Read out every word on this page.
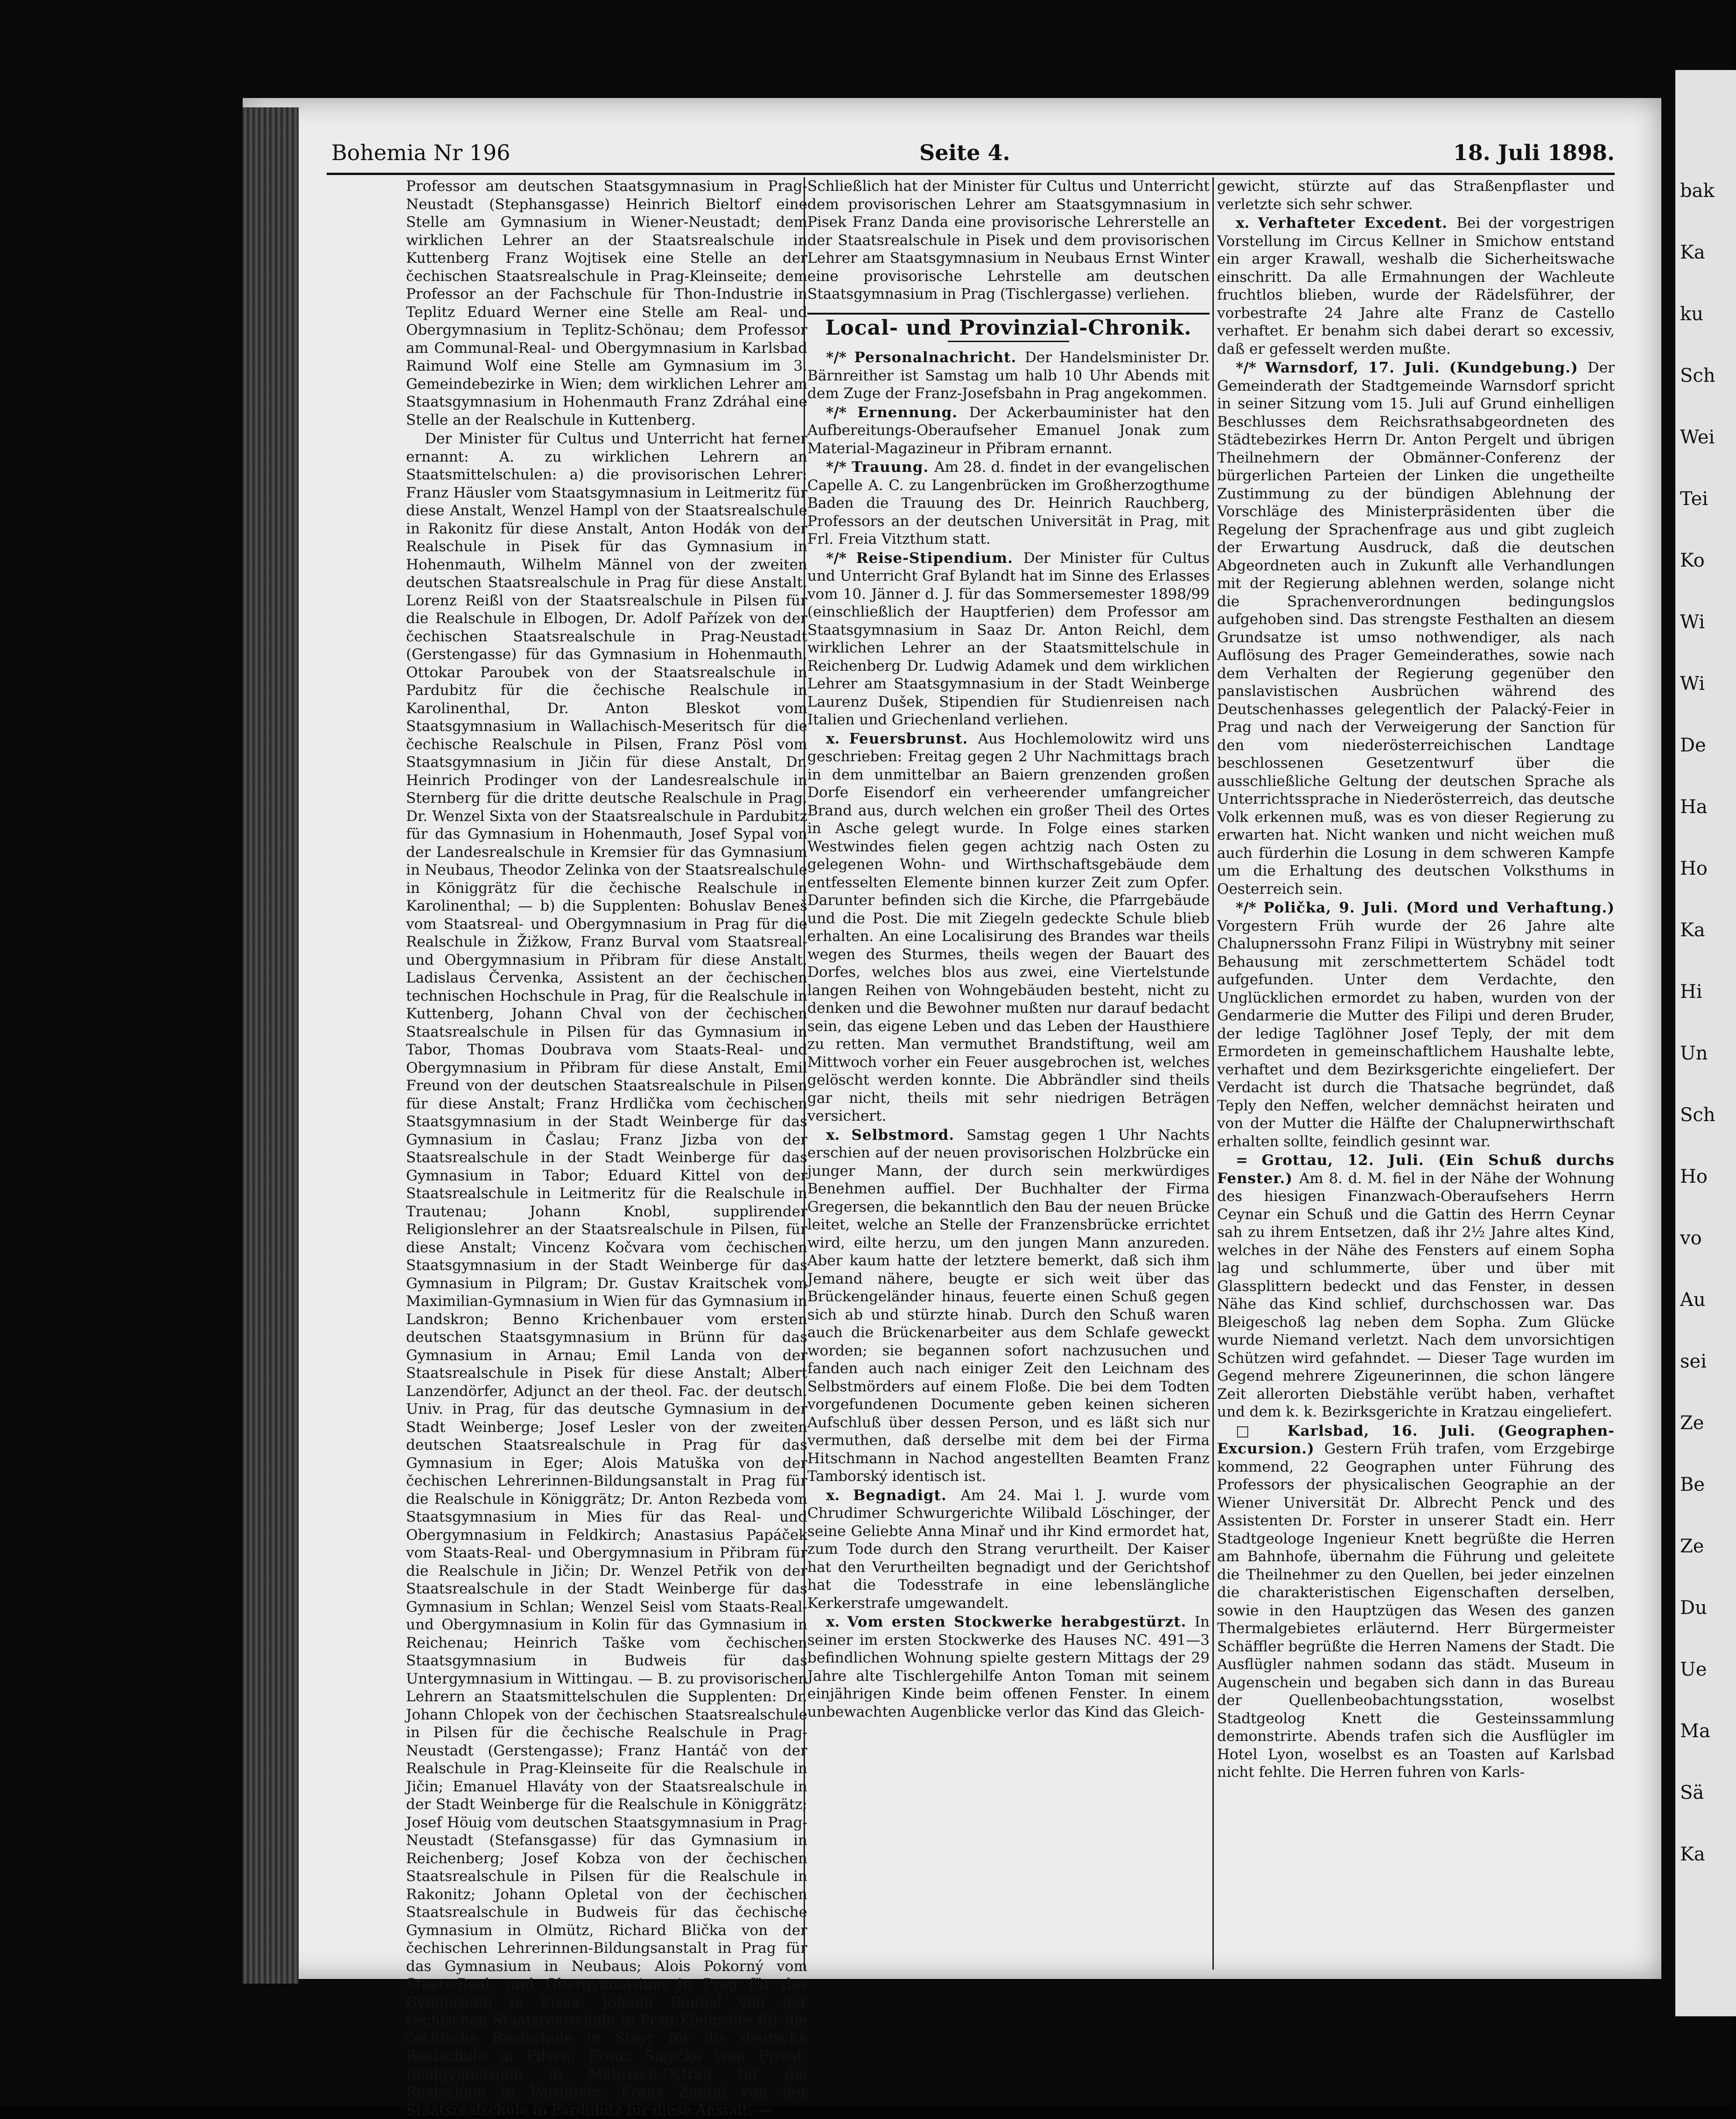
bak
Ka
ku
Sch
Wei
Tei
Ko
Wi
Wi
De
Ha
Ho
Ka
Hi
Un
Sch
Ho
vo
Au
sei
Ze
Be
Ze
Du
Ue
Ma
Sä
Ka
Bohemia Nr 196	Seite 4.	18. Juli 1898.

Professor am deutschen Staatsgymnasium in Prag-Neustadt (Stephansgasse) Heinrich Bieltorf eine Stelle am Gymnasium in Wiener-Neustadt; dem wirklichen Lehrer an der Staatsrealschule in Kuttenberg Franz Wojtisek eine Stelle an der čechischen Staatsrealschule in Prag-Kleinseite; dem Professor an der Fachschule für Thon-Industrie in Teplitz Eduard Werner eine Stelle am Real- und Obergymnasium in Teplitz-Schönau; dem Professor am Communal-Real- und Obergymnasium in Karlsbad Raimund Wolf eine Stelle am Gymnasium im 3. Gemeindebezirke in Wien; dem wirklichen Lehrer am Staatsgymnasium in Hohenmauth Franz Zdráhal eine Stelle an der Realschule in Kuttenberg.

Der Minister für Cultus und Unterricht hat ferner ernannt: A. zu wirklichen Lehrern an Staatsmittelschulen: a) die provisorischen Lehrer: Franz Häusler vom Staatsgymnasium in Leitmeritz für diese Anstalt, Wenzel Hampl von der Staatsrealschule in Rakonitz für diese Anstalt, Anton Hodák von der Realschule in Pisek für das Gymnasium in Hohenmauth, Wilhelm Männel von der zweiten deutschen Staatsrealschule in Prag für diese Anstalt, Lorenz Reißl von der Staatsrealschule in Pilsen für die Realschule in Elbogen, Dr. Adolf Pařízek von der čechischen Staatsrealschule in Prag-Neustadt (Gerstengasse) für das Gymnasium in Hohenmauth, Ottokar Paroubek von der Staatsrealschule in Pardubitz für die čechische Realschule in Karolinenthal, Dr. Anton Bleskot vom Staatsgymnasium in Wallachisch-Meseritsch für die čechische Realschule in Pilsen, Franz Pösl vom Staatsgymnasium in Jičin für diese Anstalt, Dr. Heinrich Prodinger von der Landesrealschule in Sternberg für die dritte deutsche Realschule in Prag, Dr. Wenzel Sixta von der Staatsrealschule in Pardubitz für das Gymnasium in Hohenmauth, Josef Sypal von der Landesrealschule in Kremsier für das Gymnasium in Neubaus, Theodor Zelinka von der Staatsrealschule in Königgrätz für die čechische Realschule in Karolinenthal; — b) die Supplenten: Bohuslav Beneš vom Staatsreal- und Obergymnasium in Prag für die Realschule in Žižkow, Franz Burval vom Staatsreal- und Obergymnasium in Přibram für diese Anstalt, Ladislaus Červenka, Assistent an der čechischen technischen Hochschule in Prag, für die Realschule in Kuttenberg, Johann Chval von der čechischen Staatsrealschule in Pilsen für das Gymnasium in Tabor, Thomas Doubrava vom Staats-Real- und Obergymnasium in Přibram für diese Anstalt, Emil Freund von der deutschen Staatsrealschule in Pilsen für diese Anstalt; Franz Hrdlička vom čechischen Staatsgymnasium in der Stadt Weinberge für das Gymnasium in Časlau; Franz Jizba von der Staatsrealschule in der Stadt Weinberge für das Gymnasium in Tabor; Eduard Kittel von der Staatsrealschule in Leitmeritz für die Realschule in Trautenau; Johann Knobl, supplirender Religionslehrer an der Staatsrealschule in Pilsen, für diese Anstalt; Vincenz Kočvara vom čechischen Staatsgymnasium in der Stadt Weinberge für das Gymnasium in Pilgram; Dr. Gustav Kraitschek vom Maximilian-Gymnasium in Wien für das Gymnasium in Landskron; Benno Krichenbauer vom ersten deutschen Staatsgymnasium in Brünn für das Gymnasium in Arnau; Emil Landa von der Staatsrealschule in Pisek für diese Anstalt; Albert Lanzendörfer, Adjunct an der theol. Fac. der deutsch. Univ. in Prag, für das deutsche Gymnasium in der Stadt Weinberge; Josef Lesler von der zweiten deutschen Staatsrealschule in Prag für das Gymnasium in Eger; Alois Matuška von der čechischen Lehrerinnen-Bildungsanstalt in Prag für die Realschule in Königgrätz; Dr. Anton Rezbeda vom Staatsgymnasium in Mies für das Real- und Obergymnasium in Feldkirch; Anastasius Papáček vom Staats-Real- und Obergymnasium in Přibram für die Realschule in Jičin; Dr. Wenzel Petřik von der Staatsrealschule in der Stadt Weinberge für das Gymnasium in Schlan; Wenzel Seisl vom Staats-Real- und Obergymnasium in Kolin für das Gymnasium in Reichenau; Heinrich Taške vom čechischen Staatsgymnasium in Budweis für das Untergymnasium in Wittingau. — B. zu provisorischen Lehrern an Staatsmittelschulen die Supplenten: Dr. Johann Chlopek von der čechischen Staatsrealschule in Pilsen für die čechische Realschule in Prag-Neustadt (Gerstengasse); Franz Hantáč von der Realschule in Prag-Kleinseite für die Realschule in Jičin; Emanuel Hlaváty von der Staatsrealschule in der Stadt Weinberge für die Realschule in Königgrätz; Josef Höuig vom deutschen Staatsgymnasium in Prag-Neustadt (Stefansgasse) für das Gymnasium in Reichenberg; Josef Kobza von der čechischen Staatsrealschule in Pilsen für die Realschule in Rakonitz; Johann Opletal von der čechischen Staatsrealschule in Budweis für das čechische Gymnasium in Olmütz, Richard Blička von der čechischen Lehrerinnen-Bildungsanstalt in Prag für das Gymnasium in Neubaus; Alois Pokorný vom Staats-Real- und Obergymnasium in Prag für das Gymnasium in Pisek; Johann Roubal von der čechischen Staatsrealschule in Prag-Kleinseite für die čechische Realschule in Steyr für die deutsche Realschule in Pilsen; Franz Smyčka vom Privat-Realgymnasium in Mährisch-Ostrau für die Realschule in Pardubitz; Franz Žugtal von der Staatsrealschule in Pardubitz für diese Anstalt. —

Schließlich hat der Minister für Cultus und Unterricht dem provisorischen Lehrer am Staatsgymnasium in Pisek Franz Danda eine provisorische Lehrerstelle an der Staatsrealschule in Pisek und dem provisorischen Lehrer am Staatsgymnasium in Neubaus Ernst Winter eine provisorische Lehrstelle am deutschen Staatsgymnasium in Prag (Tischlergasse) verliehen.

Local- und Provinzial-Chronik.

*/* Personalnachricht. Der Handelsminister Dr. Bärnreither ist Samstag um halb 10 Uhr Abends mit dem Zuge der Franz-Josefsbahn in Prag angekommen.

*/* Ernennung. Der Ackerbauminister hat den Aufbereitungs-Oberaufseher Emanuel Jonak zum Material-Magazineur in Přibram ernannt.

*/* Trauung. Am 28. d. findet in der evangelischen Capelle A. C. zu Langenbrücken im Großherzogthume Baden die Trauung des Dr. Heinrich Rauchberg, Professors an der deutschen Universität in Prag, mit Frl. Freia Vitzthum statt.

*/* Reise-Stipendium. Der Minister für Cultus und Unterricht Graf Bylandt hat im Sinne des Erlasses vom 10. Jänner d. J. für das Sommersemester 1898/99 (einschließlich der Hauptferien) dem Professor am Staatsgymnasium in Saaz Dr. Anton Reichl, dem wirklichen Lehrer an der Staatsmittelschule in Reichenberg Dr. Ludwig Adamek und dem wirklichen Lehrer am Staatsgymnasium in der Stadt Weinberge Laurenz Dušek, Stipendien für Studienreisen nach Italien und Griechenland verliehen.

x. Feuersbrunst. Aus Hochlemolowitz wird uns geschrieben: Freitag gegen 2 Uhr Nachmittags brach in dem unmittelbar an Baiern grenzenden großen Dorfe Eisendorf ein verheerender umfangreicher Brand aus, durch welchen ein großer Theil des Ortes in Asche gelegt wurde. In Folge eines starken Westwindes fielen gegen achtzig nach Osten zu gelegenen Wohn- und Wirthschaftsgebäude dem entfesselten Elemente binnen kurzer Zeit zum Opfer. Darunter befinden sich die Kirche, die Pfarrgebäude und die Post. Die mit Ziegeln gedeckte Schule blieb erhalten. An eine Localisirung des Brandes war theils wegen des Sturmes, theils wegen der Bauart des Dorfes, welches blos aus zwei, eine Viertelstunde langen Reihen von Wohngebäuden besteht, nicht zu denken und die Bewohner mußten nur darauf bedacht sein, das eigene Leben und das Leben der Hausthiere zu retten. Man vermuthet Brandstiftung, weil am Mittwoch vorher ein Feuer ausgebrochen ist, welches gelöscht werden konnte. Die Abbrändler sind theils gar nicht, theils mit sehr niedrigen Beträgen versichert.

x. Selbstmord. Samstag gegen 1 Uhr Nachts erschien auf der neuen provisorischen Holzbrücke ein junger Mann, der durch sein merkwürdiges Benehmen auffiel. Der Buchhalter der Firma Gregersen, die bekanntlich den Bau der neuen Brücke leitet, welche an Stelle der Franzensbrücke errichtet wird, eilte herzu, um den jungen Mann anzureden. Aber kaum hatte der letztere bemerkt, daß sich ihm Jemand nähere, beugte er sich weit über das Brückengeländer hinaus, feuerte einen Schuß gegen sich ab und stürzte hinab. Durch den Schuß waren auch die Brückenarbeiter aus dem Schlafe geweckt worden; sie begannen sofort nachzusuchen und fanden auch nach einiger Zeit den Leichnam des Selbstmörders auf einem Floße. Die bei dem Todten vorgefundenen Documente geben keinen sicheren Aufschluß über dessen Person, und es läßt sich nur vermuthen, daß derselbe mit dem bei der Firma Hitschmann in Nachod angestellten Beamten Franz Tamborský identisch ist.

x. Begnadigt. Am 24. Mai l. J. wurde vom Chrudimer Schwurgerichte Wilibald Löschinger, der seine Geliebte Anna Minař und ihr Kind ermordet hat, zum Tode durch den Strang verurtheilt. Der Kaiser hat den Verurtheilten begnadigt und der Gerichtshof hat die Todesstrafe in eine lebenslängliche Kerkerstrafe umgewandelt.

x. Vom ersten Stockwerke herabgestürzt. In seiner im ersten Stockwerke des Hauses NC. 491—3 befindlichen Wohnung spielte gestern Mittags der 29 Jahre alte Tischlergehilfe Anton Toman mit seinem einjährigen Kinde beim offenen Fenster. In einem unbewachten Augenblicke verlor das Kind das Gleich-

gewicht, stürzte auf das Straßenpflaster und verletzte sich sehr schwer.

x. Verhafteter Excedent. Bei der vorgestrigen Vorstellung im Circus Kellner in Smichow entstand ein arger Krawall, weshalb die Sicherheitswache einschritt. Da alle Ermahnungen der Wachleute fruchtlos blieben, wurde der Rädelsführer, der vorbestrafte 24 Jahre alte Franz de Castello verhaftet. Er benahm sich dabei derart so excessiv, daß er gefesselt werden mußte.

*/* Warnsdorf, 17. Juli. (Kundgebung.) Der Gemeinderath der Stadtgemeinde Warnsdorf spricht in seiner Sitzung vom 15. Juli auf Grund einhelligen Beschlusses dem Reichsrathsabgeordneten des Städtebezirkes Herrn Dr. Anton Pergelt und übrigen Theilnehmern der Obmänner-Conferenz der bürgerlichen Parteien der Linken die ungetheilte Zustimmung zu der bündigen Ablehnung der Vorschläge des Ministerpräsidenten über die Regelung der Sprachenfrage aus und gibt zugleich der Erwartung Ausdruck, daß die deutschen Abgeordneten auch in Zukunft alle Verhandlungen mit der Regierung ablehnen werden, solange nicht die Sprachenverordnungen bedingungslos aufgehoben sind. Das strengste Festhalten an diesem Grundsatze ist umso nothwendiger, als nach Auflösung des Prager Gemeinderathes, sowie nach dem Verhalten der Regierung gegenüber den panslavistischen Ausbrüchen während des Deutschenhasses gelegentlich der Palacký-Feier in Prag und nach der Verweigerung der Sanction für den vom niederösterreichischen Landtage beschlossenen Gesetzentwurf über die ausschließliche Geltung der deutschen Sprache als Unterrichtssprache in Niederösterreich, das deutsche Volk erkennen muß, was es von dieser Regierung zu erwarten hat. Nicht wanken und nicht weichen muß auch fürderhin die Losung in dem schweren Kampfe um die Erhaltung des deutschen Volksthums in Oesterreich sein.

*/* Polička, 9. Juli. (Mord und Verhaftung.) Vorgestern Früh wurde der 26 Jahre alte Chalupnerssohn Franz Filipi in Wüstrybny mit seiner Behausung mit zerschmettertem Schädel todt aufgefunden. Unter dem Verdachte, den Unglücklichen ermordet zu haben, wurden von der Gendarmerie die Mutter des Filipi und deren Bruder, der ledige Taglöhner Josef Teply, der mit dem Ermordeten in gemeinschaftlichem Haushalte lebte, verhaftet und dem Bezirksgerichte eingeliefert. Der Verdacht ist durch die Thatsache begründet, daß Teply den Neffen, welcher demnächst heiraten und von der Mutter die Hälfte der Chalupnerwirthschaft erhalten sollte, feindlich gesinnt war.

= Grottau, 12. Juli. (Ein Schuß durchs Fenster.) Am 8. d. M. fiel in der Nähe der Wohnung des hiesigen Finanzwach-Oberaufsehers Herrn Ceynar ein Schuß und die Gattin des Herrn Ceynar sah zu ihrem Entsetzen, daß ihr 2½ Jahre altes Kind, welches in der Nähe des Fensters auf einem Sopha lag und schlummerte, über und über mit Glassplittern bedeckt und das Fenster, in dessen Nähe das Kind schlief, durchschossen war. Das Bleigeschoß lag neben dem Sopha. Zum Glücke wurde Niemand verletzt. Nach dem unvorsichtigen Schützen wird gefahndet. — Dieser Tage wurden im Gegend mehrere Zigeunerinnen, die schon längere Zeit allerorten Diebstähle verübt haben, verhaftet und dem k. k. Bezirksgerichte in Kratzau eingeliefert.

□ Karlsbad, 16. Juli. (Geographen-Excursion.) Gestern Früh trafen, vom Erzgebirge kommend, 22 Geographen unter Führung des Professors der physicalischen Geographie an der Wiener Universität Dr. Albrecht Penck und des Assistenten Dr. Forster in unserer Stadt ein. Herr Stadtgeologe Ingenieur Knett begrüßte die Herren am Bahnhofe, übernahm die Führung und geleitete die Theilnehmer zu den Quellen, bei jeder einzelnen die charakteristischen Eigenschaften derselben, sowie in den Hauptzügen das Wesen des ganzen Thermalgebietes erläuternd. Herr Bürgermeister Schäffler begrüßte die Herren Namens der Stadt. Die Ausflügler nahmen sodann das städt. Museum in Augenschein und begaben sich dann in das Bureau der Quellenbeobachtungsstation, woselbst Stadtgeolog Knett die Gesteinssammlung demonstrirte. Abends trafen sich die Ausflügler im Hotel Lyon, woselbst es an Toasten auf Karlsbad nicht fehlte. Die Herren fuhren von Karls-
